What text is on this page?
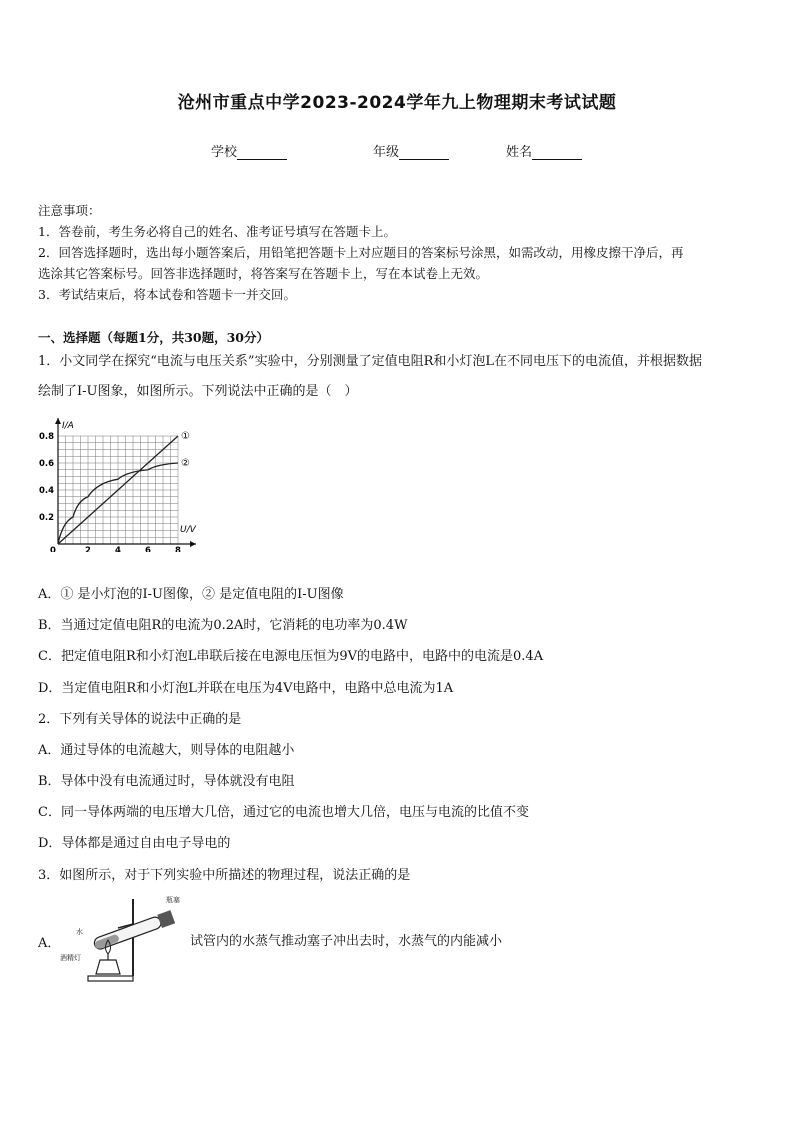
沧州市重点中学2023-2024学年九上物理期末考试试题
学校	年级	姓名
注意事项：
1．答卷前，考生务必将自己的姓名、准考证号填写在答题卡上。
2．回答选择题时，选出每小题答案后，用铅笔把答题卡上对应题目的答案标号涂黑，如需改动，用橡皮擦干净后，再
选涂其它答案标号。回答非选择题时，将答案写在答题卡上，写在本试卷上无效。
3．考试结束后，将本试卷和答题卡一并交回。
一、选择题（每题1分，共30题，30分）
1．小文同学在探究“电流与电压关系”实验中，分别测量了定值电阻R和小灯泡L在不同电压下的电流值，并根据数据
绘制了I-U图象，如图所示。下列说法中正确的是（　）
2	4	6	8
0.2
0.4
0.6
0.8
0
U/V
I/A
①
②
A．① 是小灯泡的I-U图像，② 是定值电阻的I-U图像
B．当通过定值电阻R的电流为0.2A时，它消耗的电功率为0.4W
C．把定值电阻R和小灯泡L串联后接在电源电压恒为9V的电路中，电路中的电流是0.4A
D．当定值电阻R和小灯泡L并联在电压为4V电路中，电路中总电流为1A
2．下列有关导体的说法中正确的是
A．通过导体的电流越大，则导体的电阻越小
B．导体中没有电流通过时，导体就没有电阻
C．同一导体两端的电压增大几倍，通过它的电流也增大几倍，电压与电流的比值不变
D．导体都是通过自由电子导电的
3．如图所示，对于下列实验中所描述的物理过程，说法正确的是
A．
瓶塞
水
酒精灯
试管内的水蒸气推动塞子冲出去时，水蒸气的内能减小
